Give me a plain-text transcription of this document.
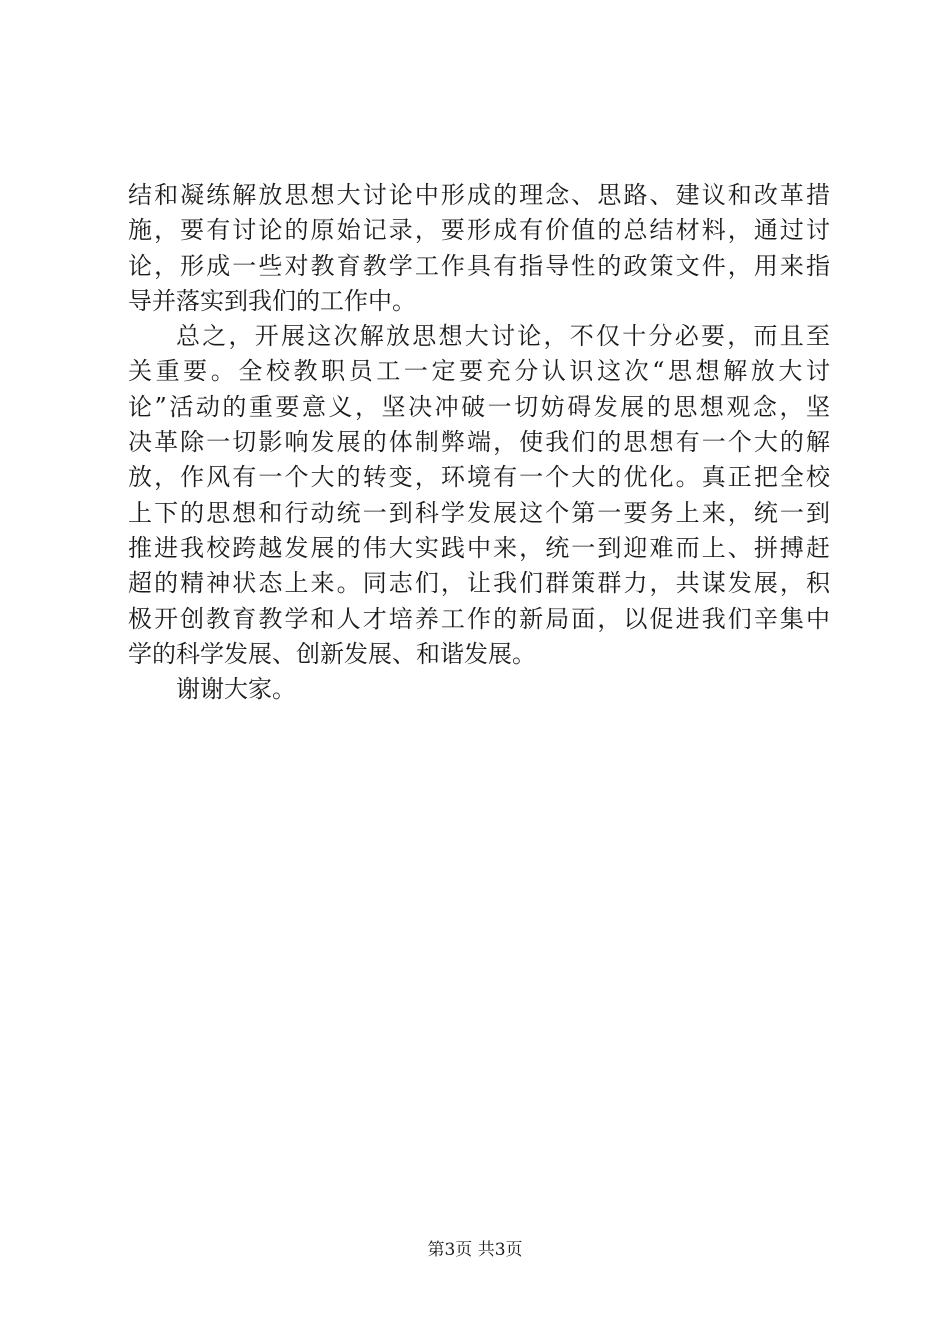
结和凝练解放思想大讨论中形成的理念、思路、建议和改革措
施，要有讨论的原始记录，要形成有价值的总结材料，通过讨
论，形成一些对教育教学工作具有指导性的政策文件，用来指
导并落实到我们的工作中。
总之，开展这次解放思想大讨论，不仅十分必要，而且至
关重要。全校教职员工一定要充分认识这次“思想解放大讨
论”活动的重要意义，坚决冲破一切妨碍发展的思想观念，坚
决革除一切影响发展的体制弊端，使我们的思想有一个大的解
放，作风有一个大的转变，环境有一个大的优化。真正把全校
上下的思想和行动统一到科学发展这个第一要务上来，统一到
推进我校跨越发展的伟大实践中来，统一到迎难而上、拼搏赶
超的精神状态上来。同志们，让我们群策群力，共谋发展，积
极开创教育教学和人才培养工作的新局面，以促进我们辛集中
学的科学发展、创新发展、和谐发展。
谢谢大家。
第3页 共3页
